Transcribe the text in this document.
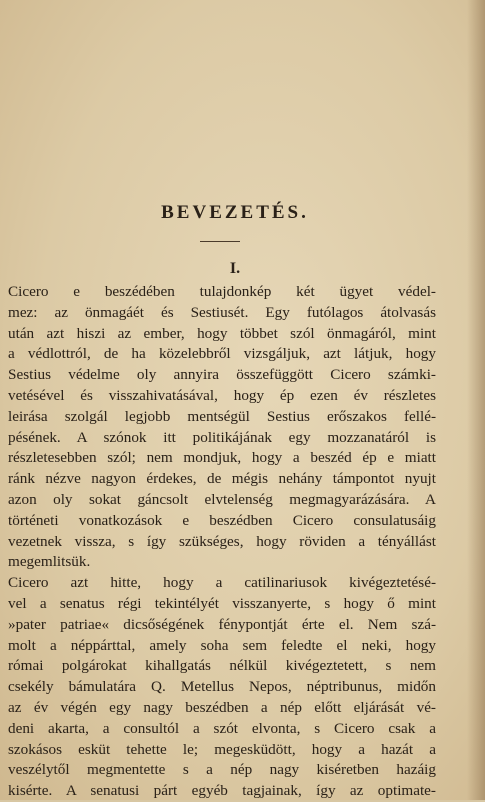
BEVEZETÉS.
I.
Cicero e beszédében tulajdonkép két ügyet védel-
mez: az önmagáét és Sestiusét. Egy futólagos átolvasás
után azt hiszi az ember, hogy többet szól önmagáról, mint
a védlottról, de ha közelebbről vizsgáljuk, azt látjuk, hogy
Sestius védelme oly annyira összefüggött Cicero számki-
vetésével és visszahivatásával, hogy ép ezen év részletes
leirása szolgál legjobb mentségül Sestius erőszakos fellé-
pésének. A szónok itt politikájának egy mozzanatáról is
részletesebben szól; nem mondjuk, hogy a beszéd ép e miatt
ránk nézve nagyon érdekes, de mégis nehány támpontot nyujt
azon oly sokat gáncsolt elvtelenség megmagyarázására. A
történeti vonatkozások e beszédben Cicero consulatusáig
vezetnek vissza, s így szükséges, hogy röviden a tényállást
megemlitsük.
Cicero azt hitte, hogy a catilinariusok kivégeztetésé-
vel a senatus régi tekintélyét visszanyerte, s hogy ő mint
»pater patriae« dicsőségének fénypontját érte el. Nem szá-
molt a néppárttal, amely soha sem feledte el neki, hogy
római polgárokat kihallgatás nélkül kivégeztetett, s nem
csekély bámulatára Q. Metellus Nepos, néptribunus, midőn
az év végén egy nagy beszédben a nép előtt eljárását vé-
deni akarta, a consultól a szót elvonta, s Cicero csak a
szokásos esküt tehette le; megesküdött, hogy a hazát a
veszélytől megmentette s a nép nagy kiséretben hazáig
kisérte. A senatusi párt egyéb tagjainak, így az optimate-
